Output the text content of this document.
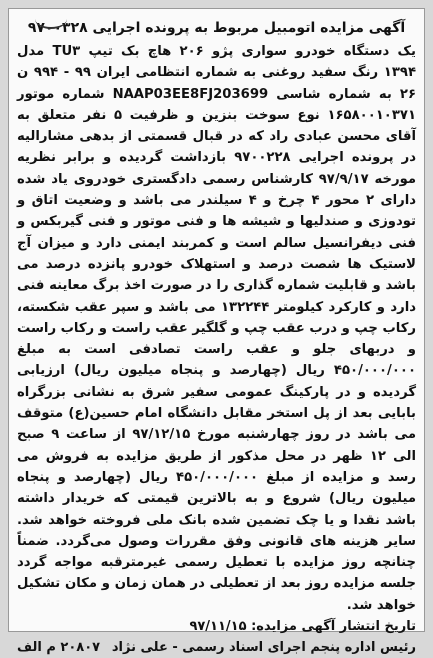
آگهی مزایده اتومبیل مربوط به پرونده اجرایی ۹۷۰۰۳۲۸

یک دستگاه خودرو سواری پژو ۲۰۶ هاچ بک تیپ TU۳ مدل ۱۳۹۴ رنگ سفید روغنی به شماره انتظامی ایران ۹۹ - ۹۹۴ ن ۲۶ به شماره شاسی NAAP03EE8FJ203699 شماره موتور ۱۶۵۸۰۰۱۰۳۷۱ نوع سوخت بنزین و ظرفیت ۵ نفر متعلق به آقای محسن عبادی راد که در قبال قسمتی از بدهی مشارالیه در پرونده اجرایی ۹۷۰۰۲۲۸ بازداشت گردیده و برابر نظریه مورخه ۹۷/۹/۱۷ کارشناس رسمی دادگستری خودروی یاد شده دارای ۲ محور ۴ چرخ و ۴ سیلندر می باشد و وضعیت اتاق و تودوزی و صندلیها و شیشه ها و فنی موتور و فنی گیربکس و فنی دیفرانسیل سالم است و کمربند ایمنی دارد و میزان آج لاستیک ها شصت درصد و استهلاک خودرو پانزده درصد می باشد و قابلیت شماره گذاری را در صورت اخذ برگ معاینه فنی دارد و کارکرد کیلومتر ۱۳۲۲۴۴ می باشد و سپر عقب شکسته، رکاب چپ و درب عقب چپ و گلگیر عقب راست و رکاب راست و دربهای جلو و عقب راست تصادفی است به مبلغ ۴۵۰/۰۰۰/۰۰۰ ریال (چهارصد و پنجاه میلیون ریال) ارزیابی گردیده و در پارکینگ عمومی سفیر شرق به نشانی بزرگراه بابایی بعد از پل استخر مقابل دانشگاه امام حسین(ع) متوقف می باشد در روز چهارشنبه مورخ ۹۷/۱۲/۱۵ از ساعت ۹ صبح الی ۱۲ ظهر در محل مذکور از طریق مزایده به فروش می رسد و مزایده از مبلغ ۴۵۰/۰۰۰/۰۰۰ ریال (چهارصد و پنجاه میلیون ریال) شروع و به بالاترین قیمتی که خریدار داشته باشد نقدا و یا چک تضمین شده بانک ملی فروخته خواهد شد. سایر هزینه های قانونی وفق مقررات وصول می‌گردد. ضمناً چنانچه روز مزایده با تعطیل رسمی غیرمترقبه مواجه گردد جلسه مزایده روز بعد از تعطیلی در همان زمان و مکان تشکیل خواهد شد.

تاریخ انتشار آگهی مزایده: ۹۷/۱۱/۱۵
رئیس اداره پنجم اجرای اسناد رسمی - علی نژاد
۲۰۸۰۷ م الف
